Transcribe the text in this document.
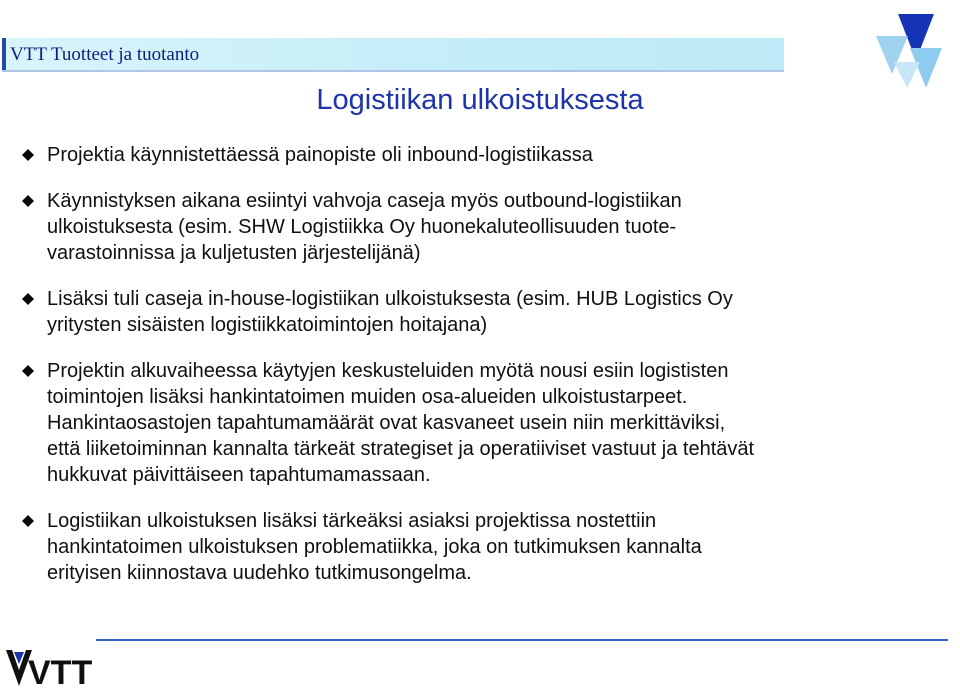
VTT Tuotteet ja tuotanto
Logistiikan ulkoistuksesta
Projektia käynnistettäessä painopiste oli inbound-logistiikassa
Käynnistyksen aikana esiintyi vahvoja caseja myös outbound-logistiikan
ulkoistuksesta (esim. SHW Logistiikka Oy huonekaluteollisuuden tuote-
varastoinnissa ja kuljetusten järjestelijänä)
Lisäksi tuli caseja in-house-logistiikan ulkoistuksesta (esim. HUB Logistics Oy
yritysten sisäisten logistiikkatoimintojen hoitajana)
Projektin alkuvaiheessa käytyjen keskusteluiden myötä nousi esiin logististen
toimintojen lisäksi hankintatoimen muiden osa-alueiden ulkoistustarpeet.
Hankintaosastojen tapahtumamäärät ovat kasvaneet usein niin merkittäviksi,
että liiketoiminnan kannalta tärkeät strategiset ja operatiiviset vastuut ja tehtävät
hukkuvat päivittäiseen tapahtumamassaan.
Logistiikan ulkoistuksen lisäksi tärkeäksi asiaksi projektissa nostettiin
hankintatoimen ulkoistuksen problematiikka, joka on tutkimuksen kannalta
erityisen kiinnostava uudehko tutkimusongelma.
VTT
